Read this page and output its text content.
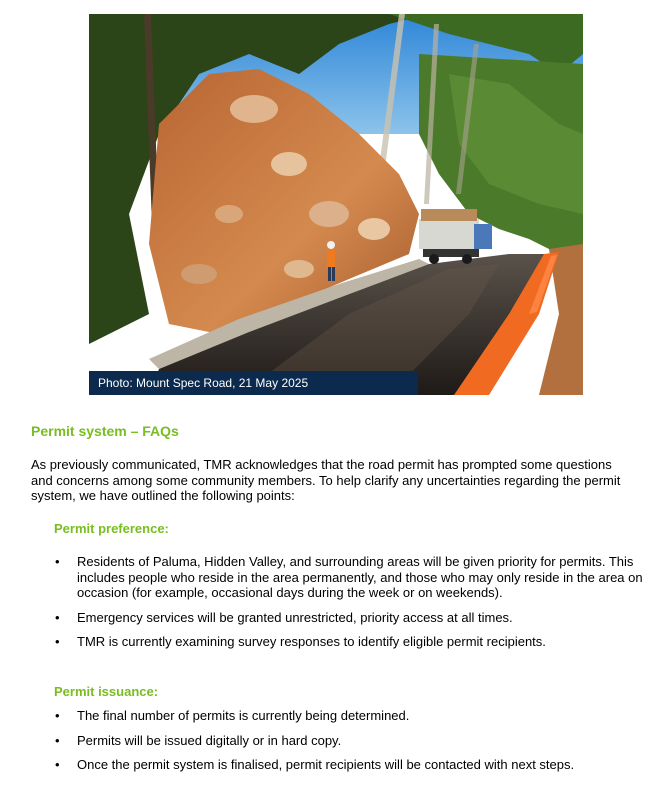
Photo: Mount Spec Road, 21 May 2025
Permit system – FAQs

As previously communicated, TMR acknowledges that the road permit has prompted some questions and concerns among some community members. To help clarify any uncertainties regarding the permit system, we have outlined the following points:

Permit preference:
• Residents of Paluma, Hidden Valley, and surrounding areas will be given priority for permits. This includes people who reside in the area permanently, and those who may only reside in the area on occasion (for example, occasional days during the week or on weekends).
• Emergency services will be granted unrestricted, priority access at all times.
• TMR is currently examining survey responses to identify eligible permit recipients.
Permit issuance:
• The final number of permits is currently being determined.
• Permits will be issued digitally or in hard copy.
• Once the permit system is finalised, permit recipients will be contacted with next steps.
